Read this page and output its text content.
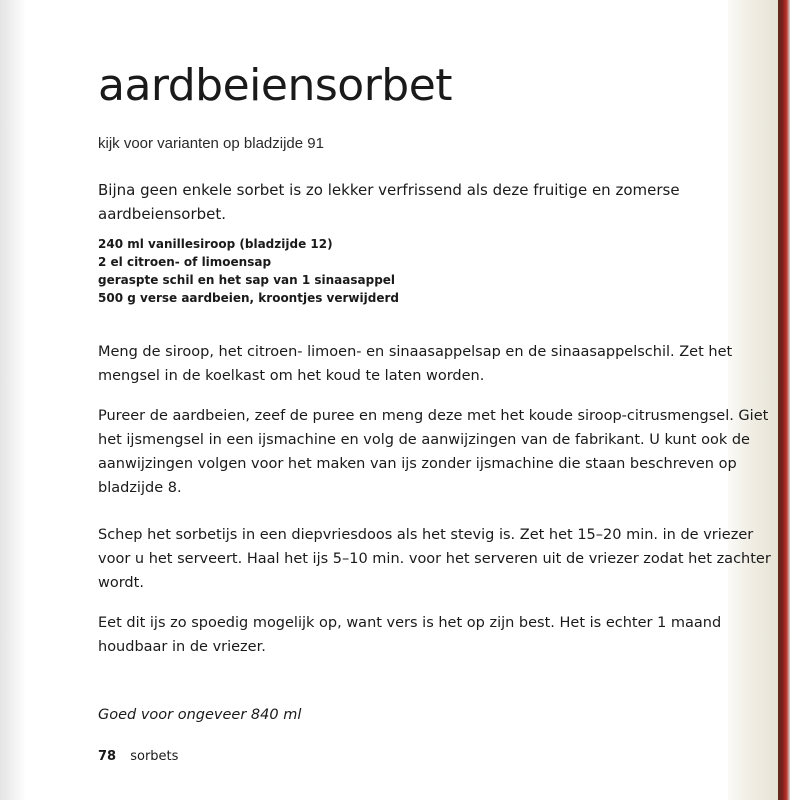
aardbeiensorbet

kijk voor varianten op bladzijde 91

Bijna geen enkele sorbet is zo lekker verfrissend als deze fruitige en zomerse
aardbeiensorbet.

240 ml vanillesiroop (bladzijde 12)
2 el citroen- of limoensap
geraspte schil en het sap van 1 sinaasappel
500 g verse aardbeien, kroontjes verwijderd

Meng de siroop, het citroen- limoen- en sinaasappelsap en de sinaasappelschil. Zet het
mengsel in de koelkast om het koud te laten worden.

Pureer de aardbeien, zeef de puree en meng deze met het koude siroop-citrusmengsel. Giet
het ijsmengsel in een ijsmachine en volg de aanwijzingen van de fabrikant. U kunt ook de
aanwijzingen volgen voor het maken van ijs zonder ijsmachine die staan beschreven op
bladzijde 8.

Schep het sorbetijs in een diepvriesdoos als het stevig is. Zet het 15–20 min. in de vriezer
voor u het serveert. Haal het ijs 5–10 min. voor het serveren uit de vriezer zodat het zachter
wordt.

Eet dit ijs zo spoedig mogelijk op, want vers is het op zijn best. Het is echter 1 maand
houdbaar in de vriezer.

Goed voor ongeveer 840 ml

78 sorbets
